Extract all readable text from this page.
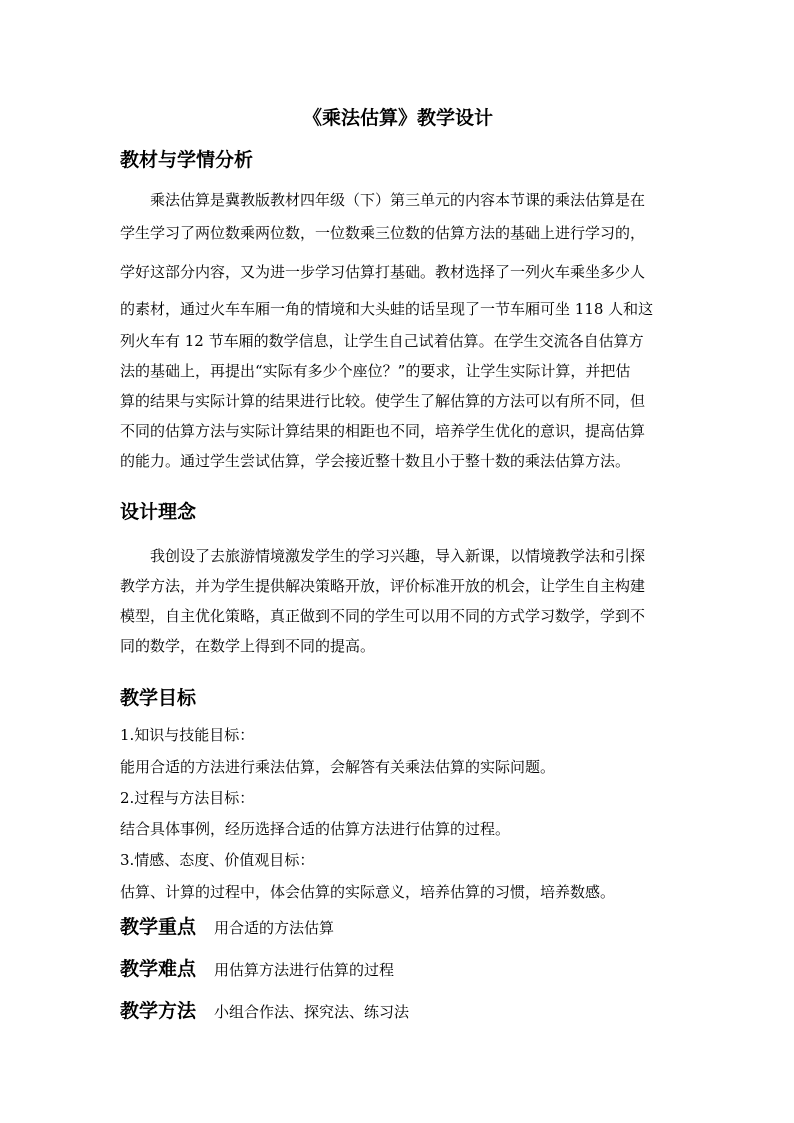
《乘法估算》教学设计
教材与学情分析
乘法估算是冀教版教材四年级（下）第三单元的内容本节课的乘法估算是在
学生学习了两位数乘两位数，一位数乘三位数的估算方法的基础上进行学习的，
学好这部分内容，又为进一步学习估算打基础。教材选择了一列火车乘坐多少人
的素材，通过火车车厢一角的情境和大头蛙的话呈现了一节车厢可坐 118 人和这
列火车有 12 节车厢的数学信息，让学生自己试着估算。在学生交流各自估算方
法的基础上，再提出“实际有多少个座位？”的要求，让学生实际计算，并把估
算的结果与实际计算的结果进行比较。使学生了解估算的方法可以有所不同，但
不同的估算方法与实际计算结果的相距也不同，培养学生优化的意识，提高估算
的能力。通过学生尝试估算，学会接近整十数且小于整十数的乘法估算方法。
设计理念
我创设了去旅游情境激发学生的学习兴趣，导入新课，以情境教学法和引探
教学方法，并为学生提供解决策略开放，评价标准开放的机会，让学生自主构建
模型，自主优化策略，真正做到不同的学生可以用不同的方式学习数学，学到不
同的数学，在数学上得到不同的提高。
教学目标
1.知识与技能目标：
能用合适的方法进行乘法估算，会解答有关乘法估算的实际问题。
2.过程与方法目标：
结合具体事例，经历选择合适的估算方法进行估算的过程。
3.情感、态度、价值观目标：
估算、计算的过程中，体会估算的实际意义，培养估算的习惯，培养数感。
教学重点 用合适的方法估算
教学难点 用估算方法进行估算的过程
教学方法 小组合作法、探究法、练习法
